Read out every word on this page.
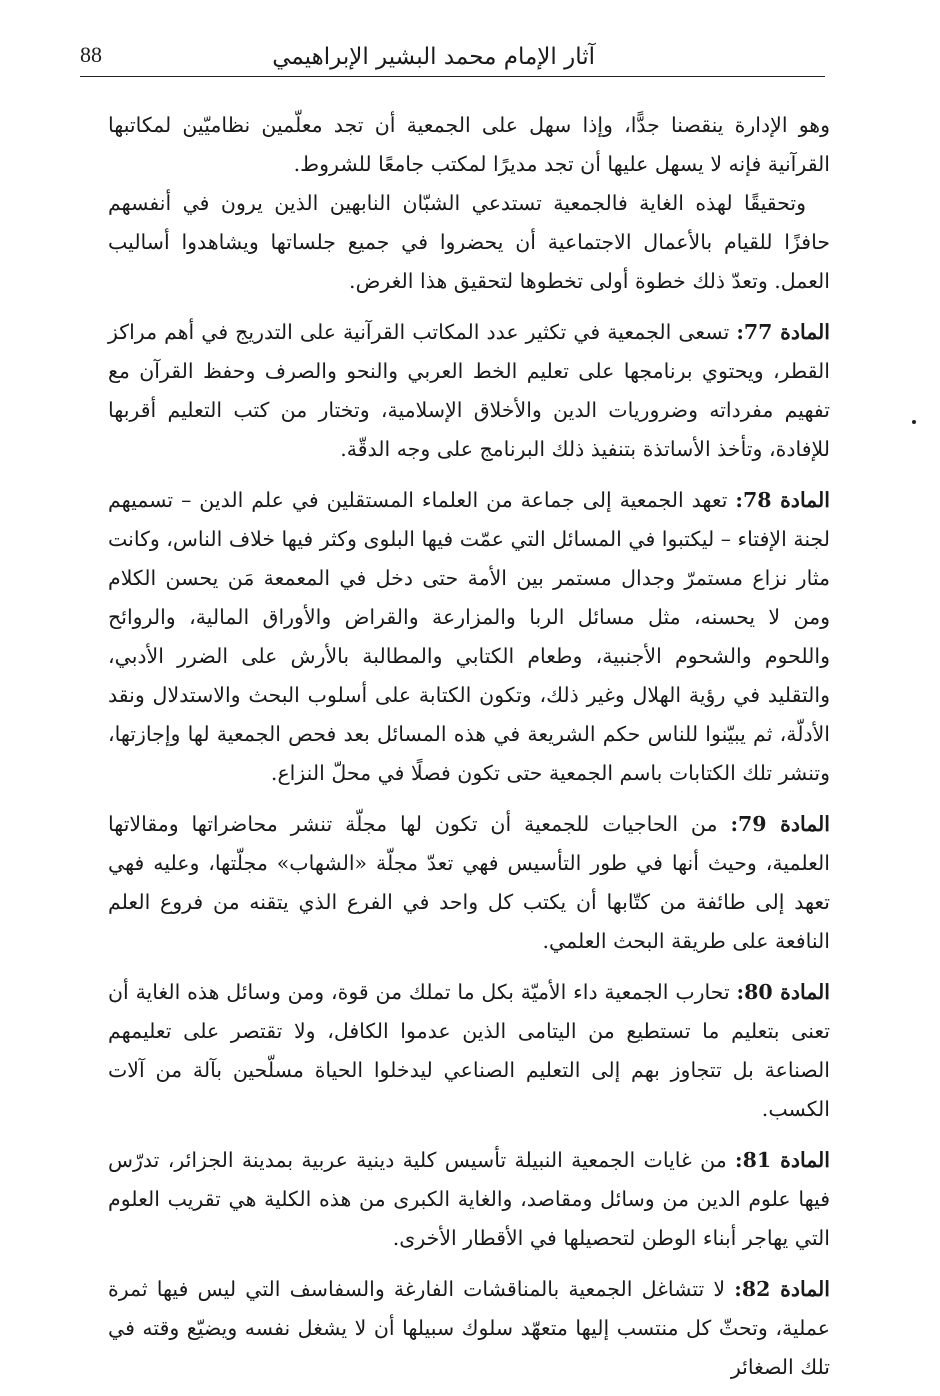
آثار الإمام محمد البشير الإبراهيمي
88

وهو الإدارة ينقصنا جدًّا، وإذا سهل على الجمعية أن تجد معلّمين نظاميّين لمكاتبها القرآنية فإنه لا يسهل عليها أن تجد مديرًا لمكتب جامعًا للشروط.

وتحقيقًا لهذه الغاية فالجمعية تستدعي الشبّان النابهين الذين يرون في أنفسهم حافزًا للقيام بالأعمال الاجتماعية أن يحضروا في جميع جلساتها ويشاهدوا أساليب العمل. وتعدّ ذلك خطوة أولى تخطوها لتحقيق هذا الغرض.

المادة 77: تسعى الجمعية في تكثير عدد المكاتب القرآنية على التدريج في أهم مراكز القطر، ويحتوي برنامجها على تعليم الخط العربي والنحو والصرف وحفظ القرآن مع تفهيم مفرداته وضروريات الدين والأخلاق الإسلامية، وتختار من كتب التعليم أقربها للإفادة، وتأخذ الأساتذة بتنفيذ ذلك البرنامج على وجه الدقّة.

المادة 78: تعهد الجمعية إلى جماعة من العلماء المستقلين في علم الدين – تسميهم لجنة الإفتاء – ليكتبوا في المسائل التي عمّت فيها البلوى وكثر فيها خلاف الناس، وكانت مثار نزاع مستمرّ وجدال مستمر بين الأمة حتى دخل في المعمعة مَن يحسن الكلام ومن لا يحسنه، مثل مسائل الربا والمزارعة والقراض والأوراق المالية، والروائح واللحوم والشحوم الأجنبية، وطعام الكتابي والمطالبة بالأرش على الضرر الأدبي، والتقليد في رؤية الهلال وغير ذلك، وتكون الكتابة على أسلوب البحث والاستدلال ونقد الأدلّة، ثم يبيّنوا للناس حكم الشريعة في هذه المسائل بعد فحص الجمعية لها وإجازتها، وتنشر تلك الكتابات باسم الجمعية حتى تكون فصلًا في محلّ النزاع.

المادة 79: من الحاجيات للجمعية أن تكون لها مجلّة تنشر محاضراتها ومقالاتها العلمية، وحيث أنها في طور التأسيس فهي تعدّ مجلّة «الشهاب» مجلّتها، وعليه فهي تعهد إلى طائفة من كتّابها أن يكتب كل واحد في الفرع الذي يتقنه من فروع العلم النافعة على طريقة البحث العلمي.

المادة 80: تحارب الجمعية داء الأميّة بكل ما تملك من قوة، ومن وسائل هذه الغاية أن تعنى بتعليم ما تستطيع من اليتامى الذين عدموا الكافل، ولا تقتصر على تعليمهم الصناعة بل تتجاوز بهم إلى التعليم الصناعي ليدخلوا الحياة مسلّحين بآلة من آلات الكسب.

المادة 81: من غايات الجمعية النبيلة تأسيس كلية دينية عربية بمدينة الجزائر، تدرّس فيها علوم الدين من وسائل ومقاصد، والغاية الكبرى من هذه الكلية هي تقريب العلوم التي يهاجر أبناء الوطن لتحصيلها في الأقطار الأخرى.

المادة 82: لا تتشاغل الجمعية بالمناقشات الفارغة والسفاسف التي ليس فيها ثمرة عملية، وتحثّ كل منتسب إليها متعهّد سلوك سبيلها أن لا يشغل نفسه ويضيّع وقته في تلك الصغائر
